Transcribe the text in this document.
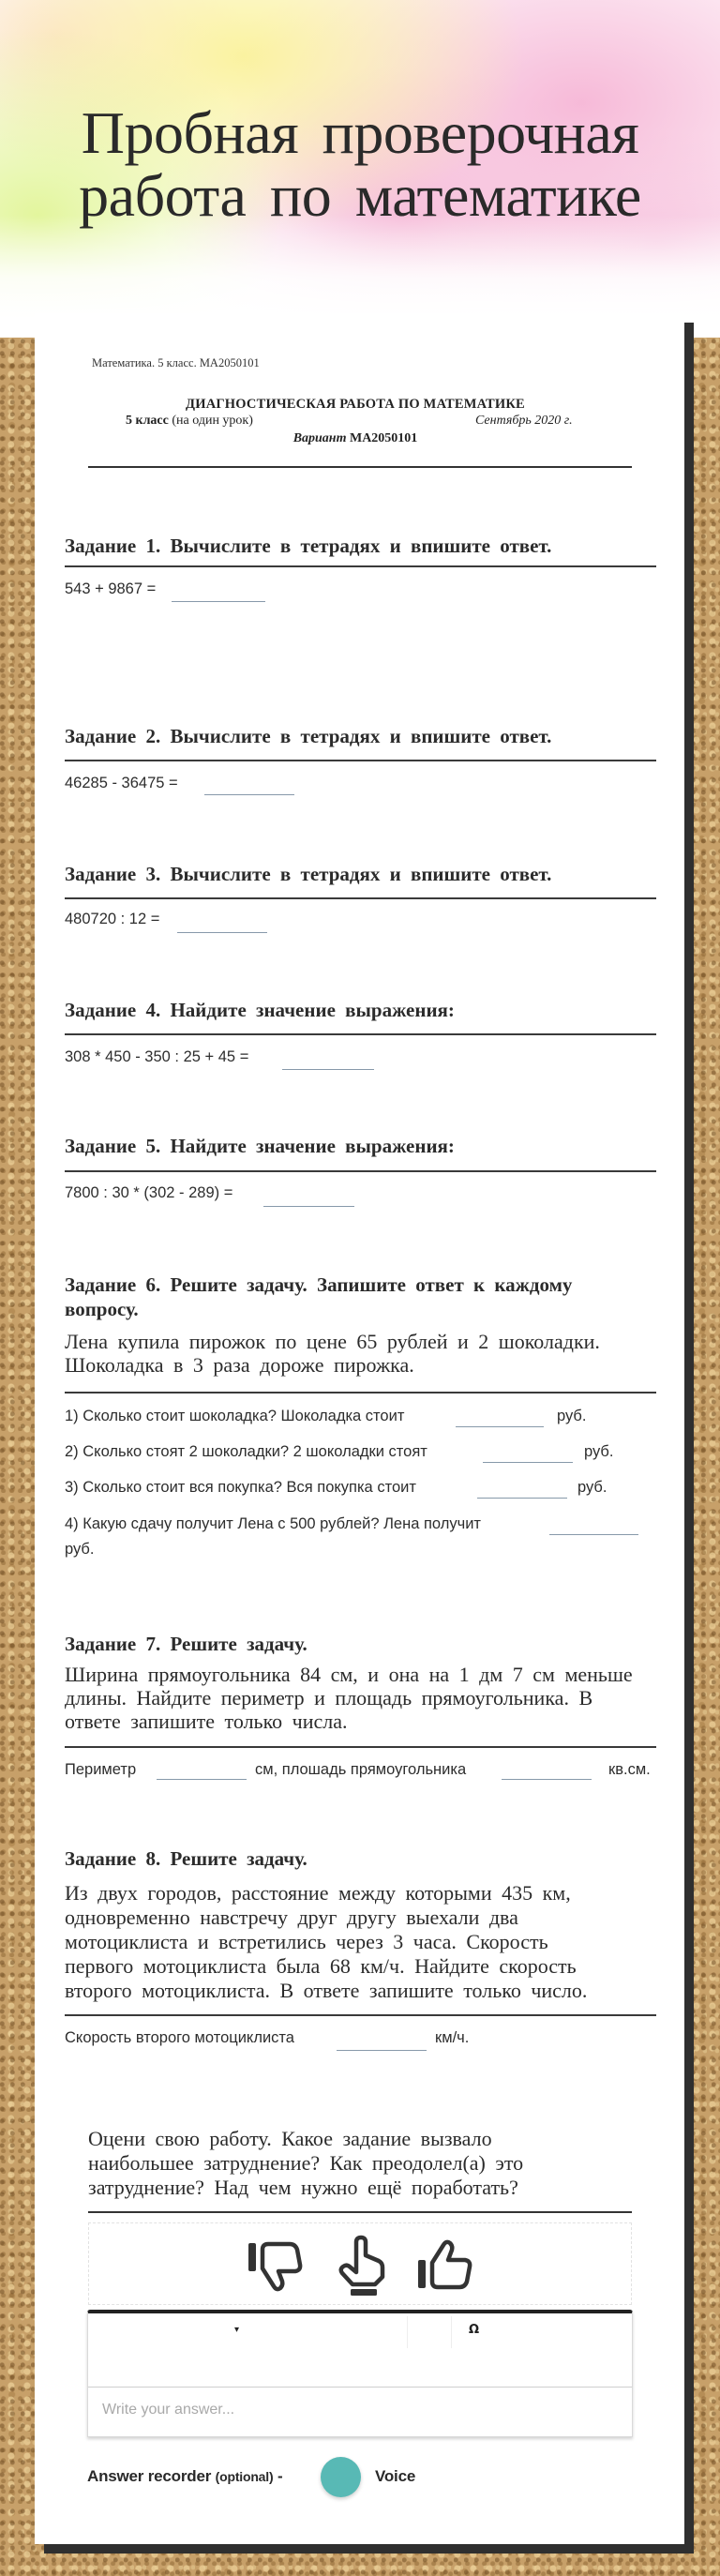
Пробная проверочная
работа по математике
Математика. 5 класс. МА2050101
ДИАГНОСТИЧЕСКАЯ РАБОТА ПО МАТЕМАТИКЕ
5 класс (на один урок)	Сентябрь 2020 г.
Вариант МА2050101
Задание 1. Вычислите в тетрадях и впишите ответ.
543 + 9867 =
Задание 2. Вычислите в тетрадях и впишите ответ.
46285 - 36475 =
Задание 3. Вычислите в тетрадях и впишите ответ.
480720 : 12 =
Задание 4. Найдите значение выражения:
308 * 450 - 350 : 25 + 45 =
Задание 5. Найдите значение выражения:
7800 : 30 * (302 - 289) =
Задание 6. Решите задачу. Запишите ответ к каждому
вопросу.
Лена купила пирожок по цене 65 рублей и 2 шоколадки.
Шоколадка в 3 раза дороже пирожка.
1) Сколько стоит шоколадка? Шоколадка стоит	руб.
2) Сколько стоят 2 шоколадки? 2 шоколадки стоят	руб.
3) Сколько стоит вся покупка? Вся покупка стоит	руб.
4) Какую сдачу получит Лена с 500 рублей? Лена получит
руб.
Задание 7. Решите задачу.
Ширина прямоугольника 84 см, и она на 1 дм 7 см меньше
длины. Найдите периметр и площадь прямоугольника. В
ответе запишите только числа.
Периметр	см, плошадь прямоугольника	кв.см.
Задание 8. Решите задачу.
Из двух городов, расстояние между которыми 435 км,
одновременно навстречу друг другу выехали два
мотоциклиста и встретились через 3 часа. Скорость
первого мотоциклиста была 68 км/ч. Найдите скорость
второго мотоциклиста. В ответе запишите только число.
Скорость второго мотоциклиста	км/ч.
Оцени свою работу. Какое задание вызвало
наибольшее затруднение? Как преодолел(а) это
затруднение? Над чем нужно ещё поработать?
▾	Ω
Write your answer...
Answer recorder (optional) -	Voice
